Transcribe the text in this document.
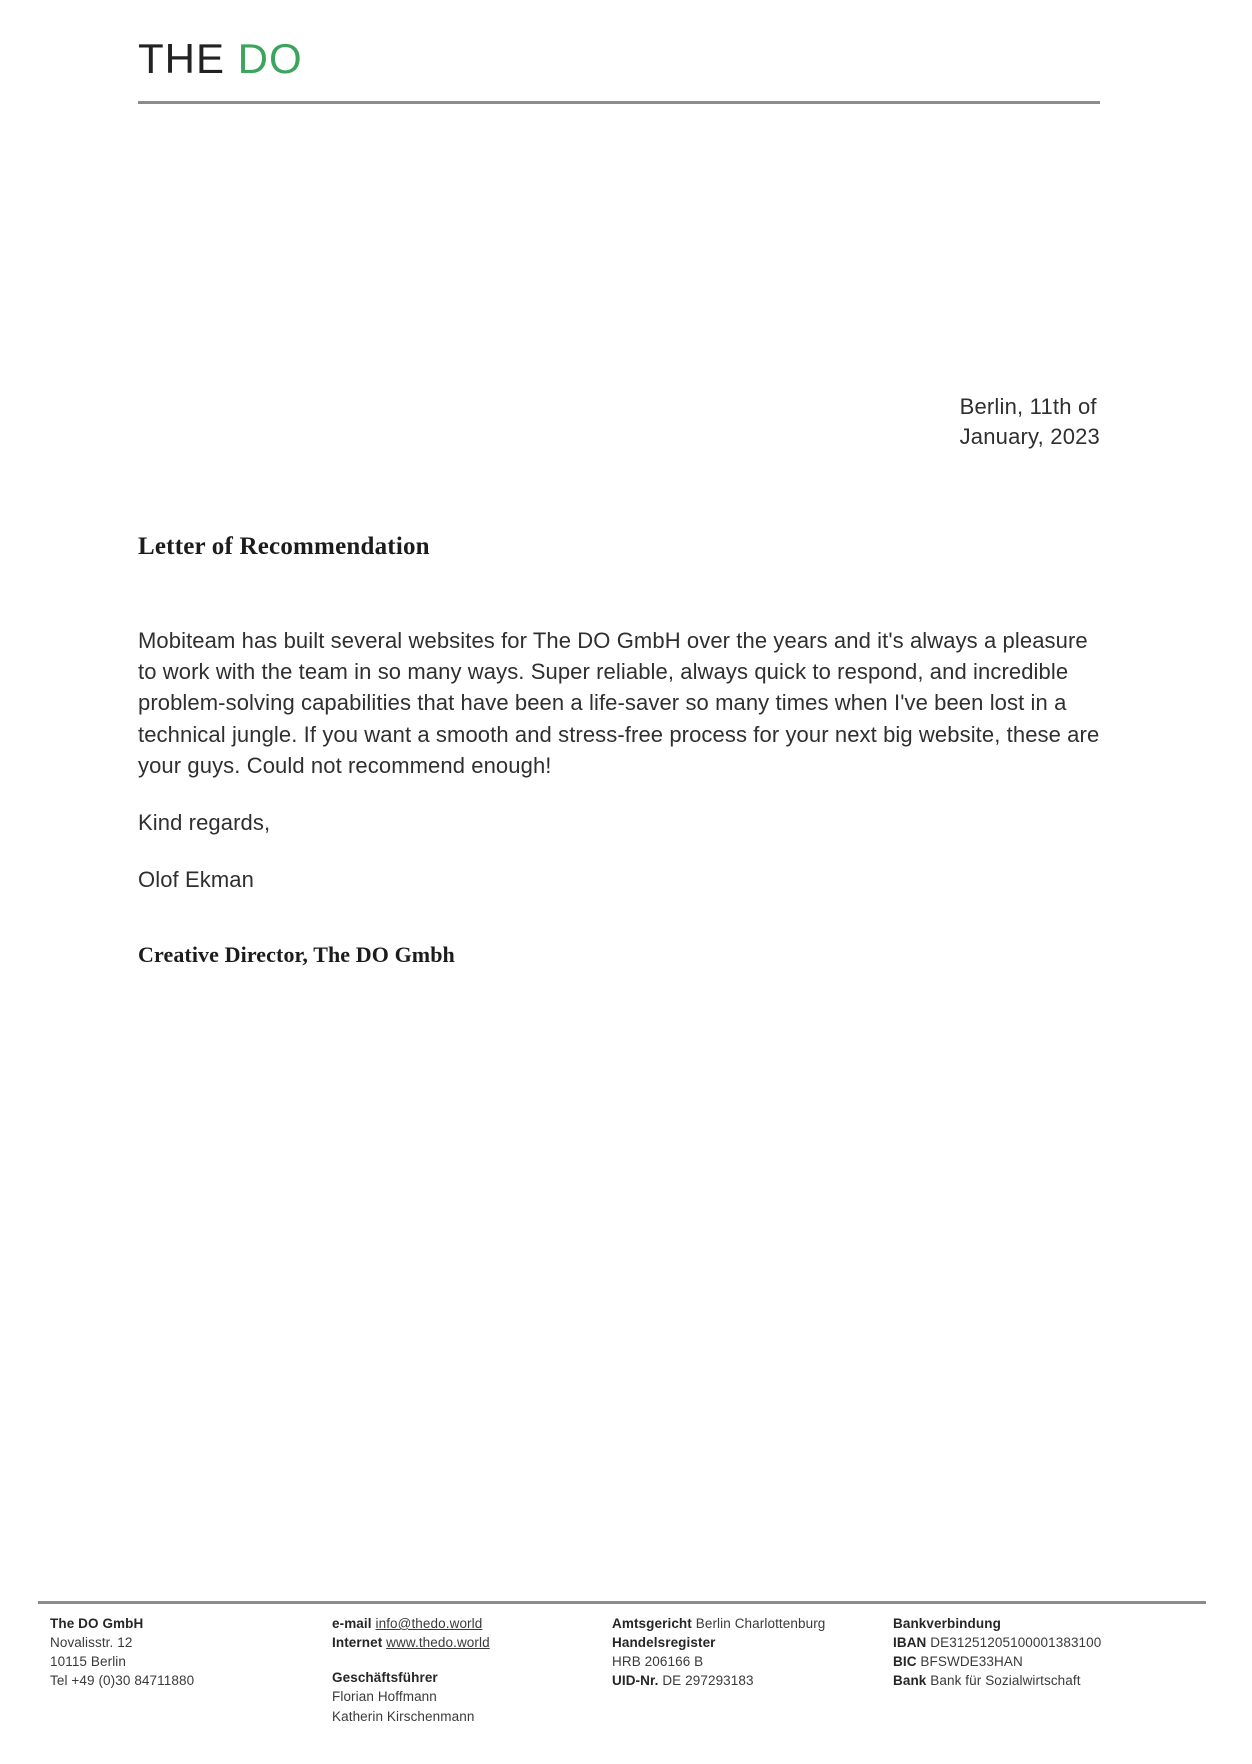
THE DO
Berlin, 11th of
January, 2023
Letter of Recommendation

Mobiteam has built several websites for The DO GmbH over the years and it's always a pleasure to work with the team in so many ways. Super reliable, always quick to respond, and incredible problem-solving capabilities that have been a life-saver so many times when I've been lost in a technical jungle. If you want a smooth and stress-free process for your next big website, these are your guys. Could not recommend enough!

Kind regards,

Olof Ekman

Creative Director, The DO Gmbh
The DO GmbH
Novalisstr. 12
10115 Berlin
Tel +49 (0)30 84711880
e-mail info@thedo.world
Internet www.thedo.world
Geschäftsführer
Florian Hoffmann
Katherin Kirschenmann
Amtsgericht Berlin Charlottenburg
Handelsregister
HRB 206166 B
UID-Nr. DE 297293183
Bankverbindung
IBAN DE31251205100001383100
BIC BFSWDE33HAN
Bank Bank für Sozialwirtschaft
